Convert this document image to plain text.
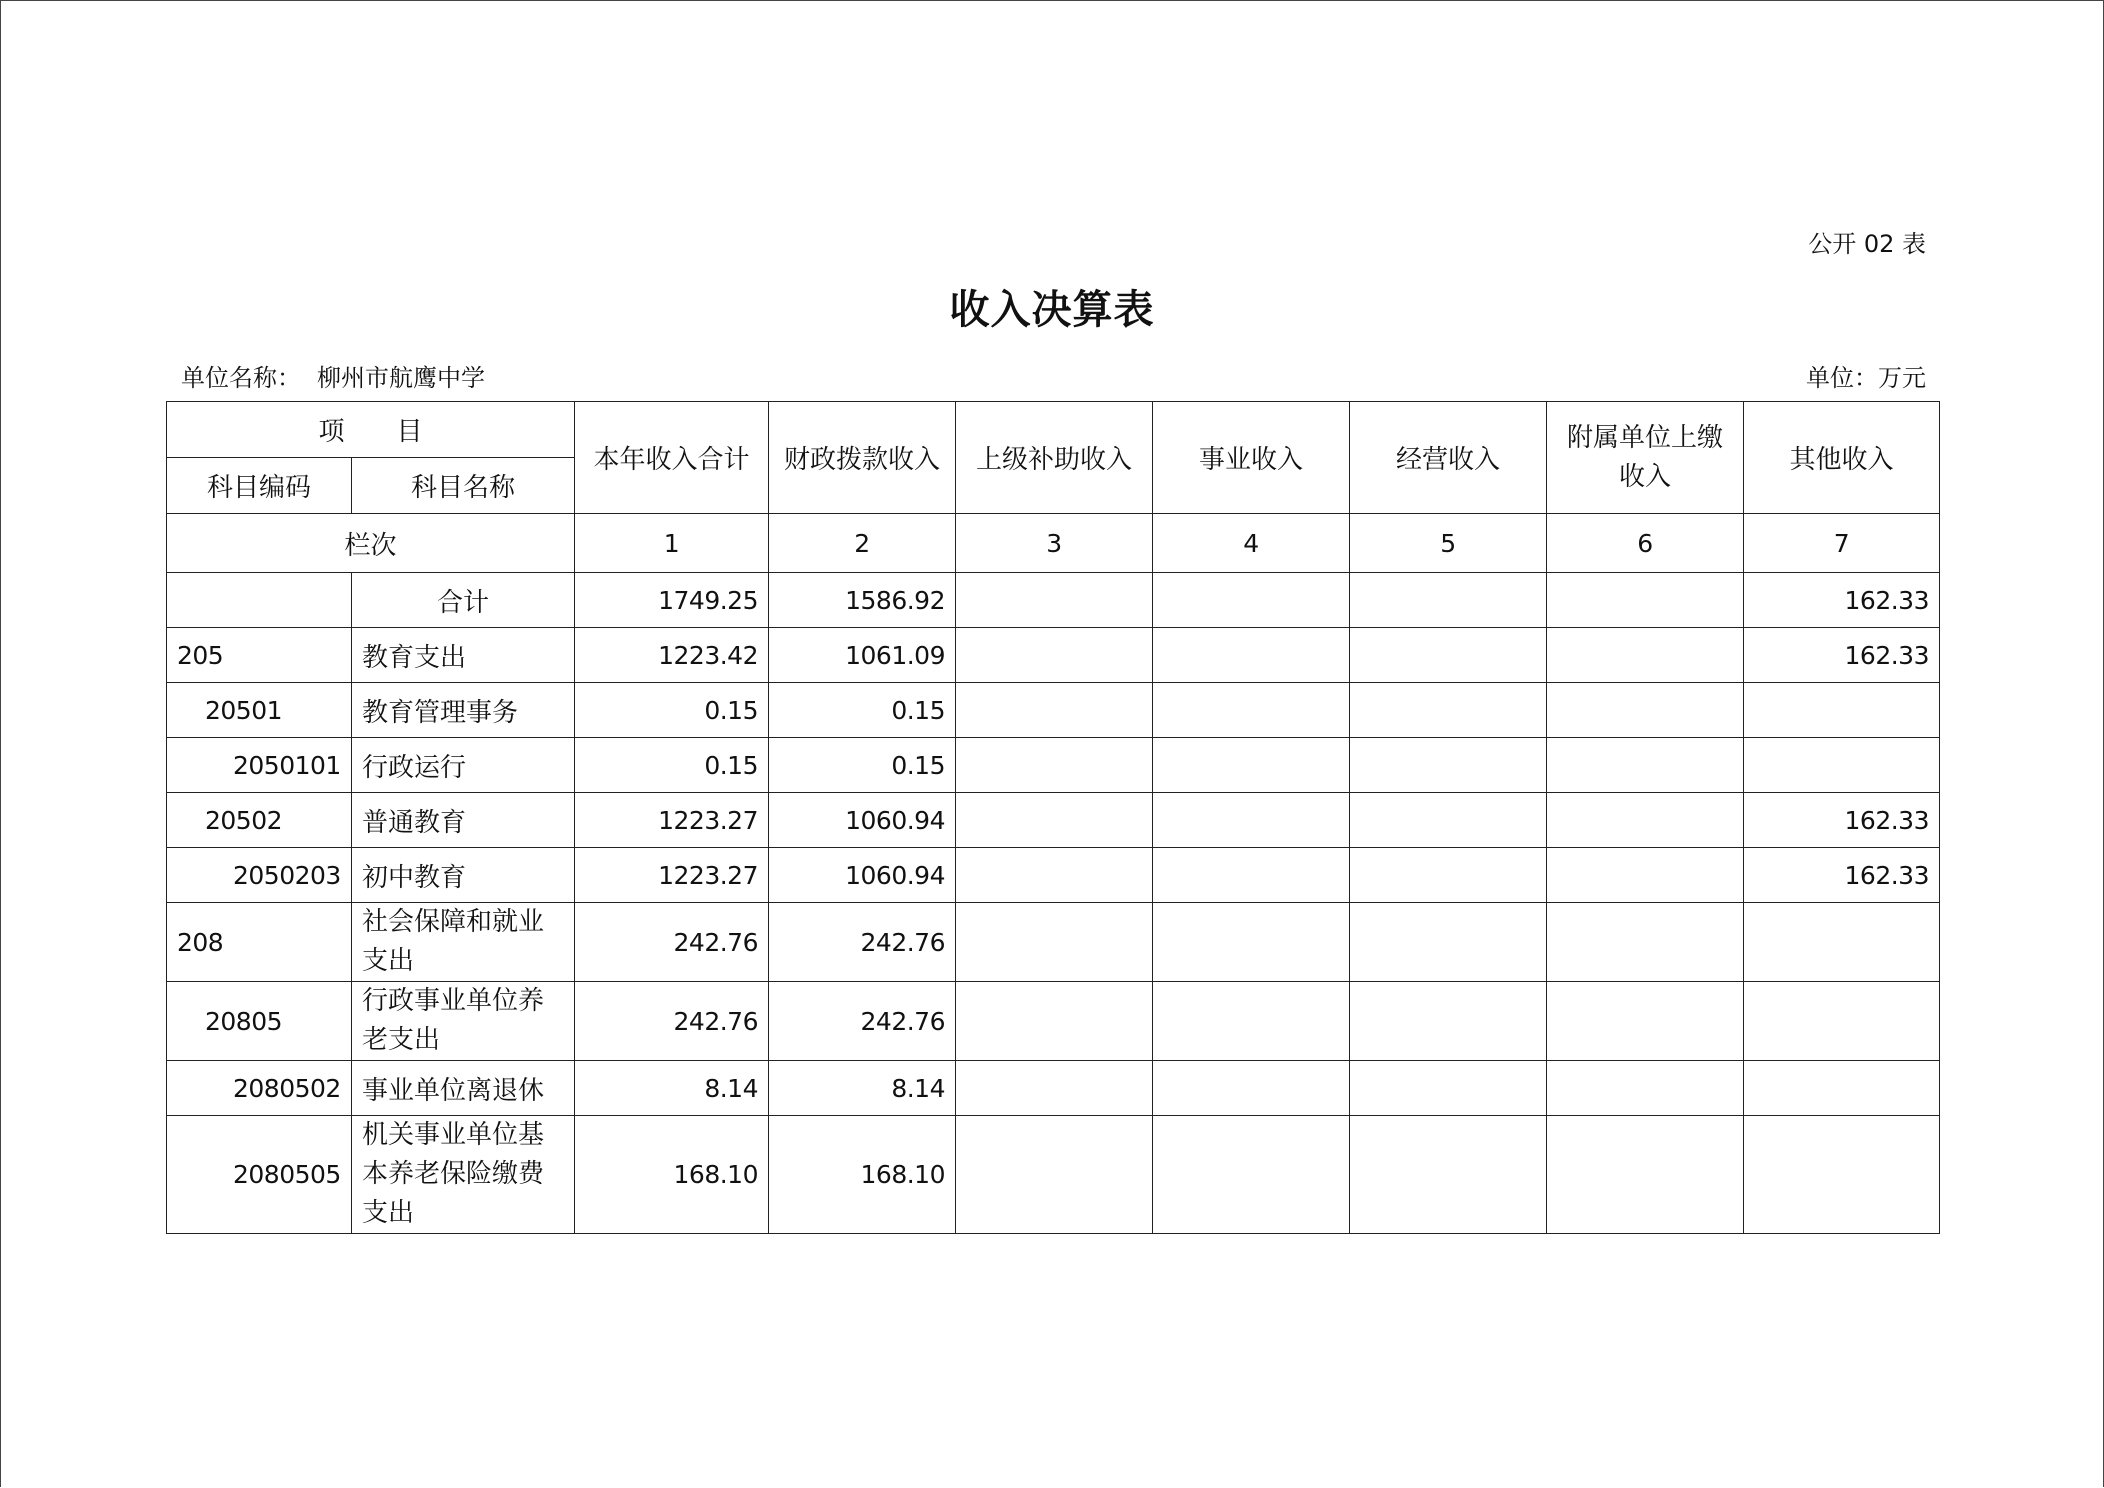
公开 02 表
收入决算表
单位名称： 柳州市航鹰中学	单位：万元
项　　目		本年收入合计	财政拨款收入	上级补助收入	事业收入	经营收入	附属单位上缴收入	其他收入
科目编码	科目名称							
栏次		1	2	3	4	5	6	7
	合计	1749.25	1586.92					162.33
205	教育支出	1223.42	1061.09					162.33
20501	教育管理事务	0.15	0.15					
2050101	行政运行	0.15	0.15					
20502	普通教育	1223.27	1060.94					162.33
2050203	初中教育	1223.27	1060.94					162.33
208	社会保障和就业支出	242.76	242.76					
20805	行政事业单位养老支出	242.76	242.76					
2080502	事业单位离退休	8.14	8.14					
2080505	机关事业单位基本养老保险缴费支出	168.10	168.10					
